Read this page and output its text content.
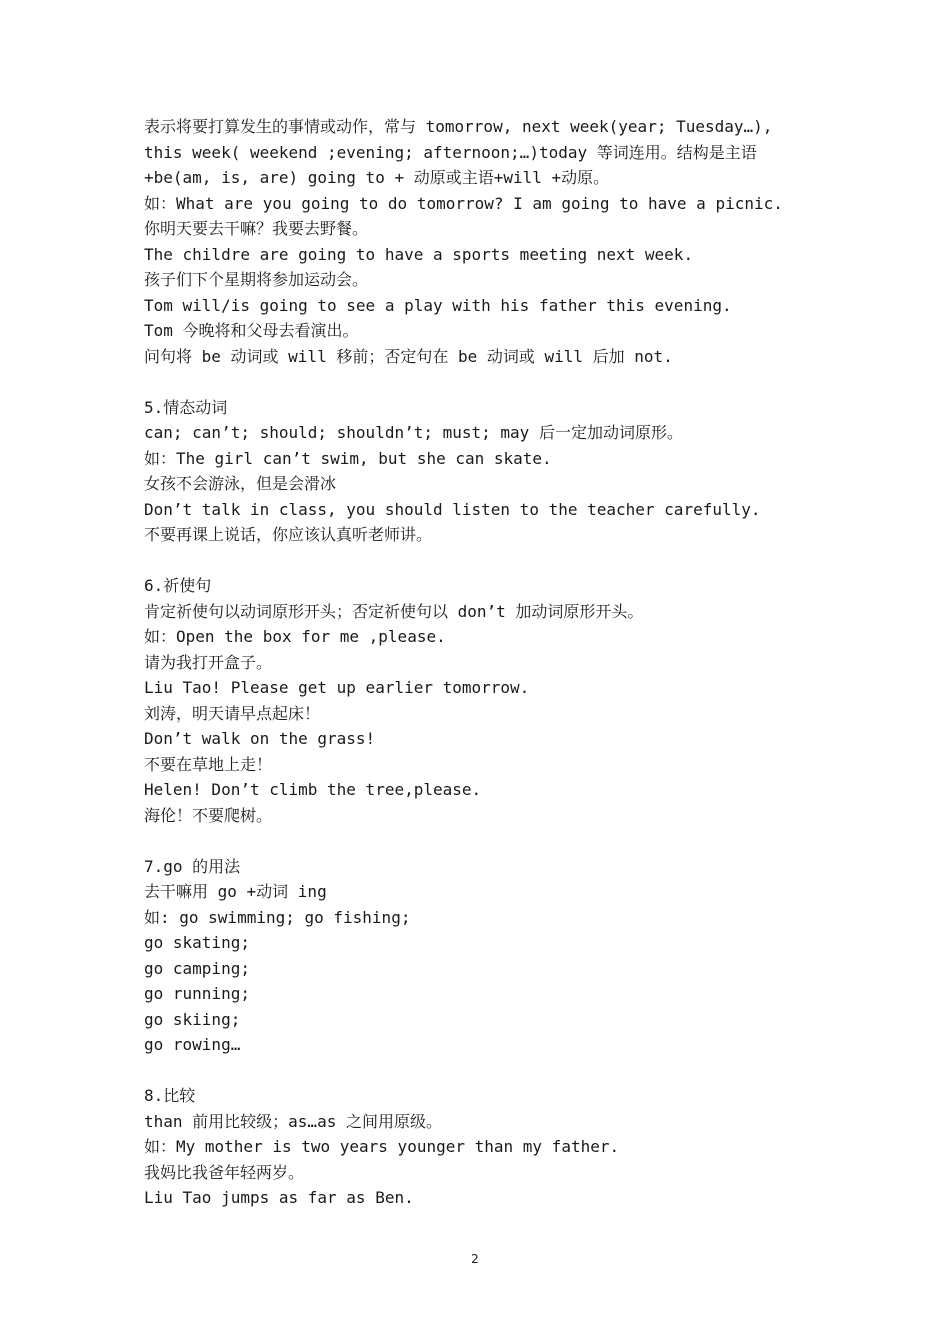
表示将要打算发生的事情或动作，常与 tomorrow, next week(year; Tuesday…),
this week( weekend ;evening; afternoon;…)today 等词连用。结构是主语
+be(am, is, are) going to + 动原或主语+will +动原。
如：What are you going to do tomorrow? I am going to have a picnic.
你明天要去干嘛？我要去野餐。
The childre are going to have a sports meeting next week.
孩子们下个星期将参加运动会。
Tom will/is going to see a play with his father this evening.
Tom 今晚将和父母去看演出。
问句将 be 动词或 will 移前；否定句在 be 动词或 will 后加 not.
5.情态动词
can; can’t; should; shouldn’t; must; may 后一定加动词原形。
如：The girl can’t swim, but she can skate.
女孩不会游泳，但是会滑冰
Don’t talk in class, you should listen to the teacher carefully.
不要再课上说话，你应该认真听老师讲。
6.祈使句
肯定祈使句以动词原形开头；否定祈使句以 don’t 加动词原形开头。
如：Open the box for me ,please.
请为我打开盒子。
Liu Tao! Please get up earlier tomorrow.
刘涛，明天请早点起床！
Don’t walk on the grass!
不要在草地上走！
Helen! Don’t climb the tree,please.
海伦！不要爬树。
7.go 的用法
去干嘛用 go +动词 ing
如: go swimming; go fishing;
go skating;
go camping;
go running;
go skiing;
go rowing…
8.比较
than 前用比较级；as…as 之间用原级。
如：My mother is two years younger than my father.
我妈比我爸年轻两岁。
Liu Tao jumps as far as Ben.
2
